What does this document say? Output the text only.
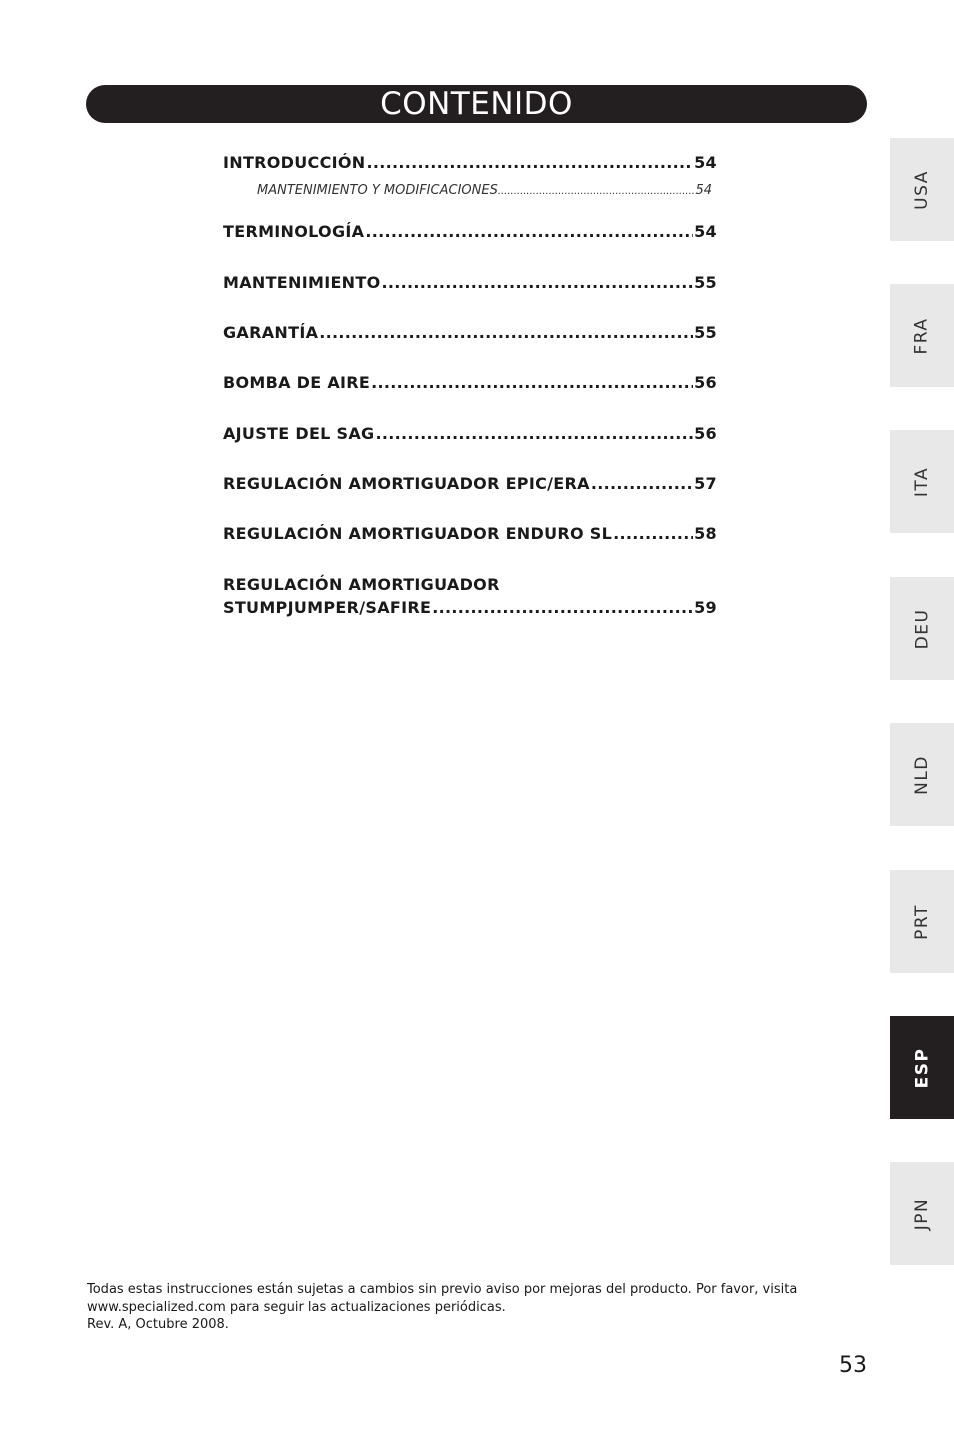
CONTENIDO
INTRODUCCIÓN .....	54
MANTENIMIENTO Y MODIFICACIONES .....	54
TERMINOLOGÍA .....	54
MANTENIMIENTO .....	55
GARANTÍA .....	55
BOMBA DE AIRE .....	56
AJUSTE DEL SAG .....	56
REGULACIÓN AMORTIGUADOR EPIC/ERA .....	57
REGULACIÓN AMORTIGUADOR ENDURO SL .....	58
REGULACIÓN AMORTIGUADOR
STUMPJUMPER/SAFIRE .....	59
USA
FRA
ITA
DEU
NLD
PRT
ESP
JPN
Todas estas instrucciones están sujetas a cambios sin previo aviso por mejoras del producto. Por favor, visita
www.specialized.com para seguir las actualizaciones periódicas.
Rev. A, Octubre 2008.
53
